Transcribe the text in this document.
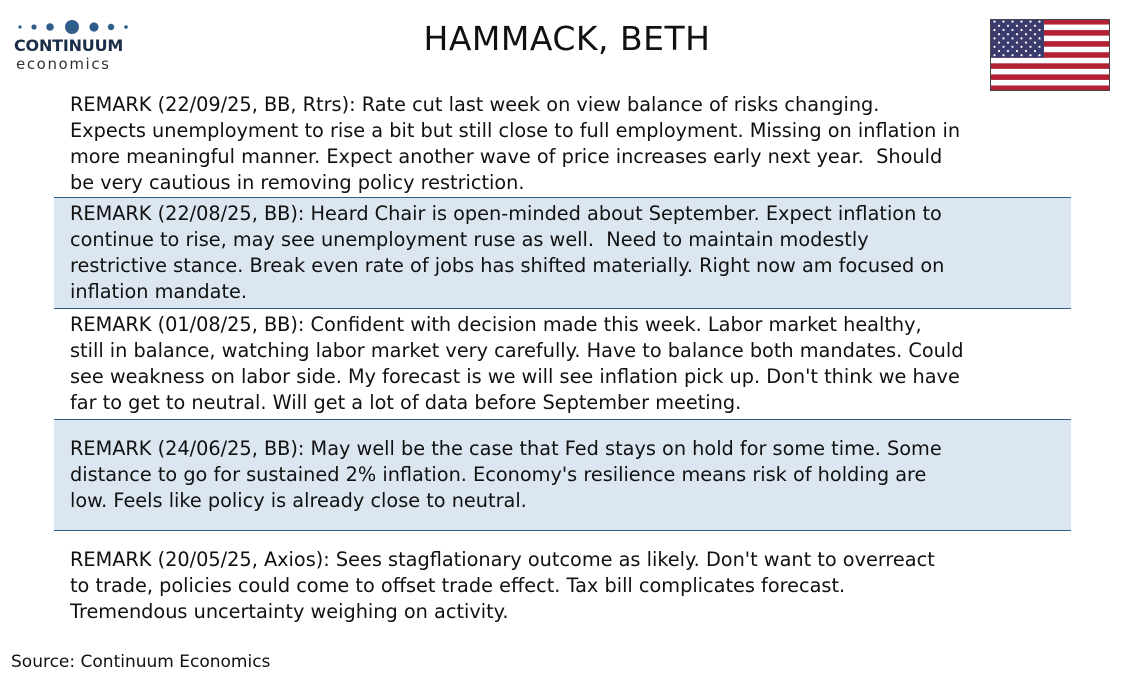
CONTINUUM
economics
HAMMACK, BETH
REMARK (22/09/25, BB, Rtrs): Rate cut last week on view balance of risks changing.
Expects unemployment to rise a bit but still close to full employment. Missing on inflation in
more meaningful manner. Expect another wave of price increases early next year.  Should
be very cautious in removing policy restriction.
REMARK (22/08/25, BB): Heard Chair is open-minded about September. Expect inflation to
continue to rise, may see unemployment ruse as well.  Need to maintain modestly
restrictive stance. Break even rate of jobs has shifted materially. Right now am focused on
inflation mandate.
REMARK (01/08/25, BB): Confident with decision made this week. Labor market healthy,
still in balance, watching labor market very carefully. Have to balance both mandates. Could
see weakness on labor side. My forecast is we will see inflation pick up. Don't think we have
far to get to neutral. Will get a lot of data before September meeting.
REMARK (24/06/25, BB): May well be the case that Fed stays on hold for some time. Some
distance to go for sustained 2% inflation. Economy's resilience means risk of holding are
low. Feels like policy is already close to neutral.
REMARK (20/05/25, Axios): Sees stagflationary outcome as likely. Don't want to overreact
to trade, policies could come to offset trade effect. Tax bill complicates forecast.
Tremendous uncertainty weighing on activity.
Source: Continuum Economics
